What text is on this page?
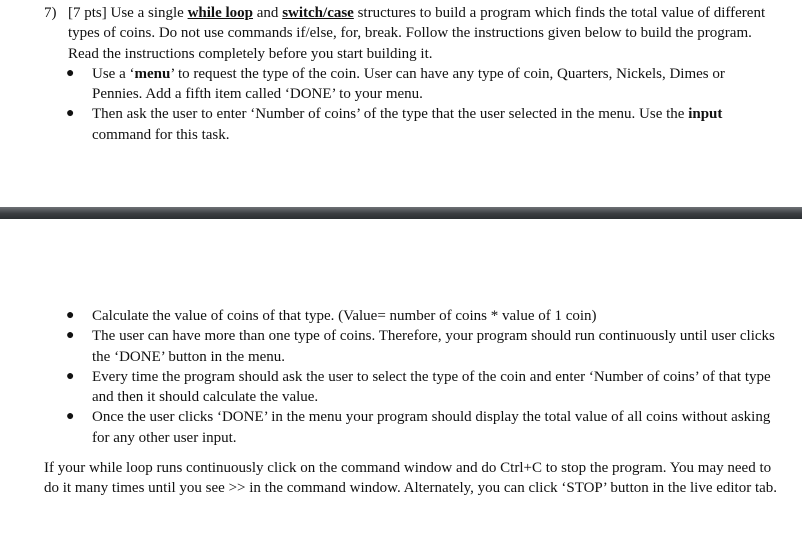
7) [7 pts] Use a single while loop and switch/case structures to build a program which finds the total value of different types of coins. Do not use commands if/else, for, break. Follow the instructions given below to build the program. Read the instructions completely before you start building it.
● Use a ‘menu’ to request the type of the coin. User can have any type of coin, Quarters, Nickels, Dimes or Pennies. Add a fifth item called ‘DONE’ to your menu.
● Then ask the user to enter ‘Number of coins’ of the type that the user selected in the menu. Use the input command for this task.
● Calculate the value of coins of that type. (Value= number of coins * value of 1 coin)
● The user can have more than one type of coins. Therefore, your program should run continuously until user clicks the ‘DONE’ button in the menu.
● Every time the program should ask the user to select the type of the coin and enter ‘Number of coins’ of that type and then it should calculate the value.
● Once the user clicks ‘DONE’ in the menu your program should display the total value of all coins without asking for any other user input.
If your while loop runs continuously click on the command window and do Ctrl+C to stop the program. You may need to do it many times until you see >> in the command window. Alternately, you can click ‘STOP’ button in the live editor tab.
